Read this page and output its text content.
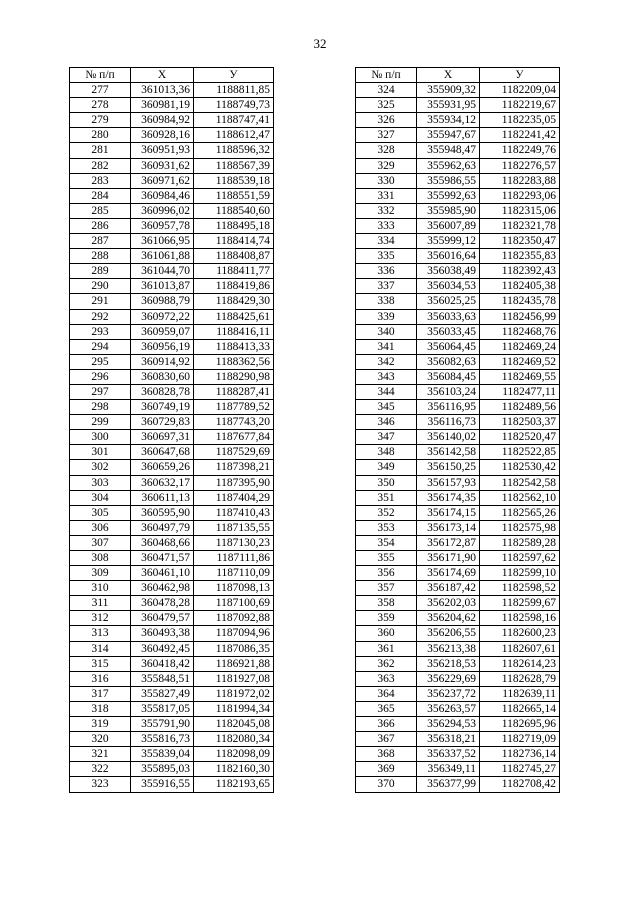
32
№ п/п	X	У
277	361013,36	1188811,85
278	360981,19	1188749,73
279	360984,92	1188747,41
280	360928,16	1188612,47
281	360951,93	1188596,32
282	360931,62	1188567,39
283	360971,62	1188539,18
284	360984,46	1188551,59
285	360996,02	1188540,60
286	360957,78	1188495,18
287	361066,95	1188414,74
288	361061,88	1188408,87
289	361044,70	1188411,77
290	361013,87	1188419,86
291	360988,79	1188429,30
292	360972,22	1188425,61
293	360959,07	1188416,11
294	360956,19	1188413,33
295	360914,92	1188362,56
296	360830,60	1188290,98
297	360828,78	1188287,41
298	360749,19	1187789,52
299	360729,83	1187743,20
300	360697,31	1187677,84
301	360647,68	1187529,69
302	360659,26	1187398,21
303	360632,17	1187395,90
304	360611,13	1187404,29
305	360595,90	1187410,43
306	360497,79	1187135,55
307	360468,66	1187130,23
308	360471,57	1187111,86
309	360461,10	1187110,09
310	360462,98	1187098,13
311	360478,28	1187100,69
312	360479,57	1187092,88
313	360493,38	1187094,96
314	360492,45	1187086,35
315	360418,42	1186921,88
316	355848,51	1181927,08
317	355827,49	1181972,02
318	355817,05	1181994,34
319	355791,90	1182045,08
320	355816,73	1182080,34
321	355839,04	1182098,09
322	355895,03	1182160,30
323	355916,55	1182193,65
№ п/п	X	У
324	355909,32	1182209,04
325	355931,95	1182219,67
326	355934,12	1182235,05
327	355947,67	1182241,42
328	355948,47	1182249,76
329	355962,63	1182276,57
330	355986,55	1182283,88
331	355992,63	1182293,06
332	355985,90	1182315,06
333	356007,89	1182321,78
334	355999,12	1182350,47
335	356016,64	1182355,83
336	356038,49	1182392,43
337	356034,53	1182405,38
338	356025,25	1182435,78
339	356033,63	1182456,99
340	356033,45	1182468,76
341	356064,45	1182469,24
342	356082,63	1182469,52
343	356084,45	1182469,55
344	356103,24	1182477,11
345	356116,95	1182489,56
346	356116,73	1182503,37
347	356140,02	1182520,47
348	356142,58	1182522,85
349	356150,25	1182530,42
350	356157,93	1182542,58
351	356174,35	1182562,10
352	356174,15	1182565,26
353	356173,14	1182575,98
354	356172,87	1182589,28
355	356171,90	1182597,62
356	356174,69	1182599,10
357	356187,42	1182598,52
358	356202,03	1182599,67
359	356204,62	1182598,16
360	356206,55	1182600,23
361	356213,38	1182607,61
362	356218,53	1182614,23
363	356229,69	1182628,79
364	356237,72	1182639,11
365	356263,57	1182665,14
366	356294,53	1182695,96
367	356318,21	1182719,09
368	356337,52	1182736,14
369	356349,11	1182745,27
370	356377,99	1182708,42
